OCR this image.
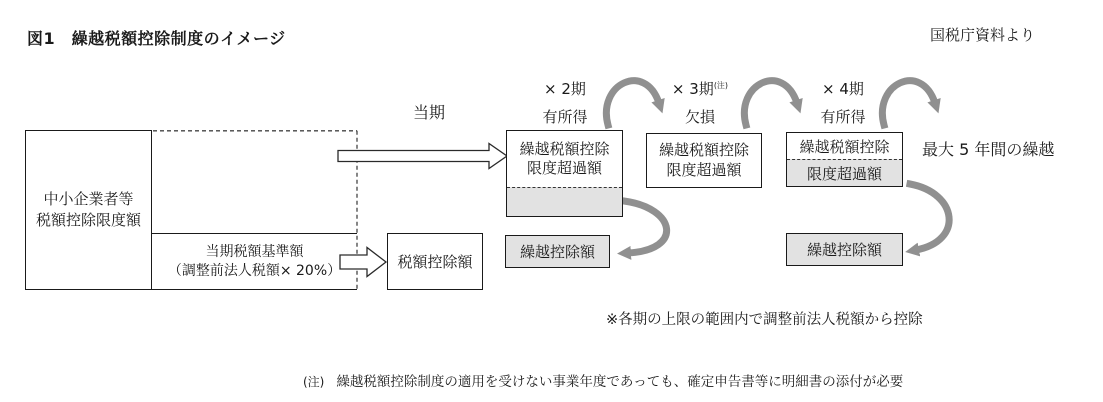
図1　繰越税額控除制度のイメージ	国税庁資料より
中小企業者等
税額控除限度額
当期税額基準額
（調整前法人税額× 20%）	税額控除額
当期
× 2期
有所得
× 3期$^{(注)}$
欠損
× 4期
有所得
繰越税額控除
限度超過額
繰越税額控除
限度超過額
繰越税額控除
限度超過額
繰越控除額	繰越控除額
最大 5 年間の繰越
※各期の上限の範囲内で調整前法人税額から控除
(注) 繰越税額控除制度の適用を受けない事業年度であっても、確定申告書等に明細書の添付が必要
